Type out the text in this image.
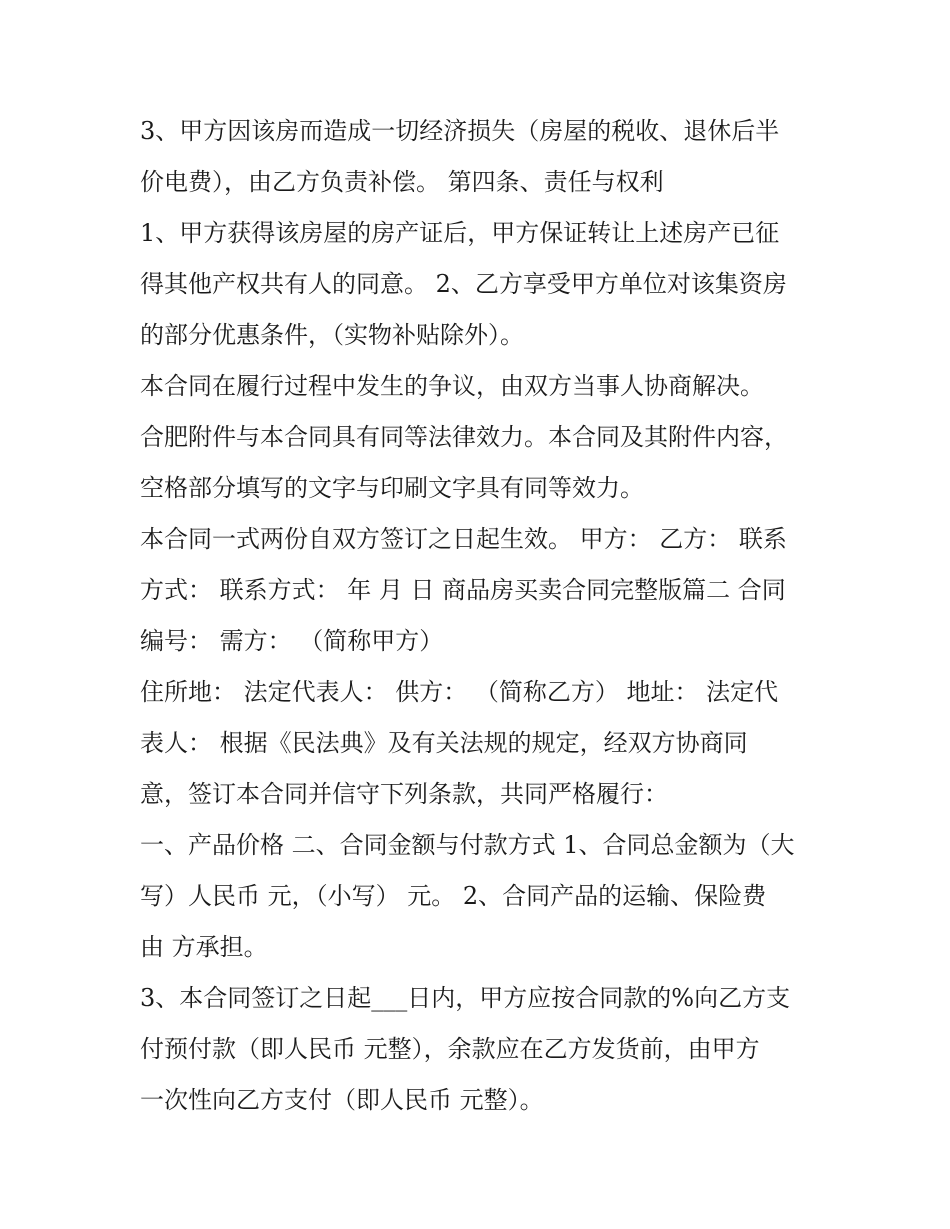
3、甲方因该房而造成一切经济损失（房屋的税收、退休后半
价电费），由乙方负责补偿。 第四条、责任与权利
1、甲方获得该房屋的房产证后，甲方保证转让上述房产已征
得其他产权共有人的同意。 2、乙方享受甲方单位对该集资房
的部分优惠条件，（实物补贴除外）。
本合同在履行过程中发生的争议，由双方当事人协商解决。
合肥附件与本合同具有同等法律效力。本合同及其附件内容，
空格部分填写的文字与印刷文字具有同等效力。
本合同一式两份自双方签订之日起生效。 甲方： 乙方： 联系
方式： 联系方式： 年 月 日 商品房买卖合同完整版篇二 合同
编号： 需方： （简称甲方）
住所地： 法定代表人： 供方： （简称乙方） 地址： 法定代
表人： 根据《民法典》及有关法规的规定，经双方协商同
意，签订本合同并信守下列条款，共同严格履行：
一、产品价格 二、合同金额与付款方式 1、合同总金额为（大
写）人民币 元，（小写） 元。 2、合同产品的运输、保险费
由 方承担。
3、本合同签订之日起___日内，甲方应按合同款的%向乙方支
付预付款（即人民币 元整），余款应在乙方发货前，由甲方
一次性向乙方支付（即人民币 元整）。
